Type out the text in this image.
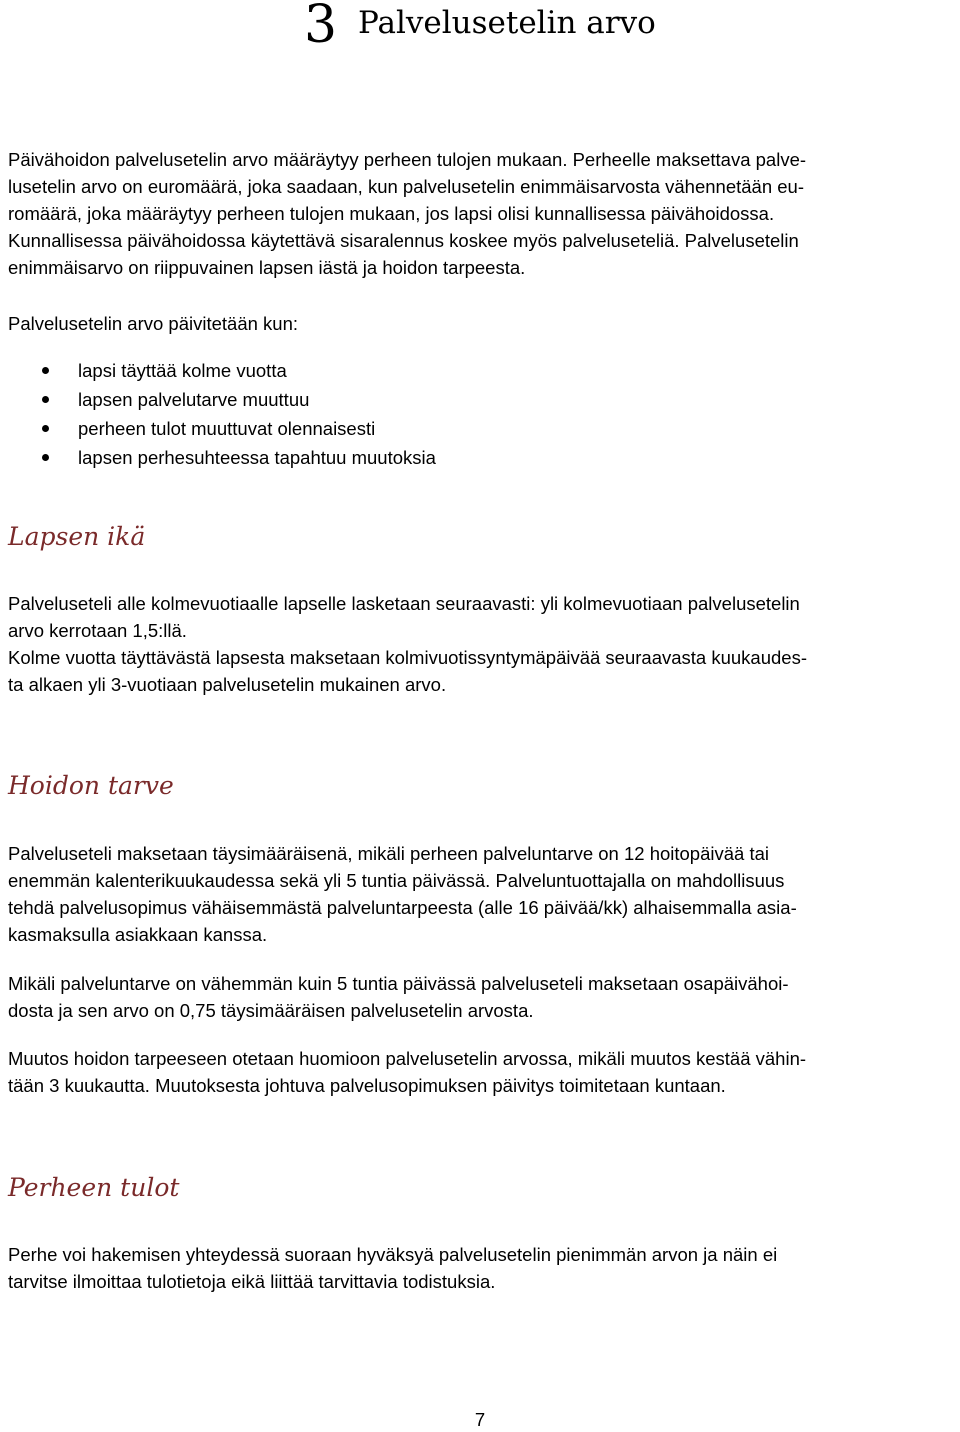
3 Palvelusetelin arvo

Päivähoidon palvelusetelin arvo määräytyy perheen tulojen mukaan. Perheelle maksettava palve-
lusetelin arvo on euromäärä, joka saadaan, kun palvelusetelin enimmäisarvosta vähennetään eu-
romäärä, joka määräytyy perheen tulojen mukaan, jos lapsi olisi kunnallisessa päivähoidossa.
Kunnallisessa päivähoidossa käytettävä sisaralennus koskee myös palveluseteliä. Palvelusetelin
enimmäisarvo on riippuvainen lapsen iästä ja hoidon tarpeesta.

Palvelusetelin arvo päivitetään kun:

lapsi täyttää kolme vuotta
lapsen palvelutarve muuttuu
perheen tulot muuttuvat olennaisesti
lapsen perhesuhteessa tapahtuu muutoksia
Lapsen ikä

Palveluseteli alle kolmevuotiaalle lapselle lasketaan seuraavasti: yli kolmevuotiaan palvelusetelin
arvo kerrotaan 1,5:llä.
Kolme vuotta täyttävästä lapsesta maksetaan kolmivuotissyntymäpäivää seuraavasta kuukaudes-
ta alkaen yli 3-vuotiaan palvelusetelin mukainen arvo.

Hoidon tarve

Palveluseteli maksetaan täysimääräisenä, mikäli perheen palveluntarve on 12 hoitopäivää tai
enemmän kalenterikuukaudessa sekä yli 5 tuntia päivässä. Palveluntuottajalla on mahdollisuus
tehdä palvelusopimus vähäisemmästä palveluntarpeesta (alle 16 päivää/kk) alhaisemmalla asia-
kasmaksulla asiakkaan kanssa.

Mikäli palveluntarve on vähemmän kuin 5 tuntia päivässä palveluseteli maksetaan osapäivähoi-
dosta ja sen arvo on 0,75 täysimääräisen palvelusetelin arvosta.

Muutos hoidon tarpeeseen otetaan huomioon palvelusetelin arvossa, mikäli muutos kestää vähin-
tään 3 kuukautta. Muutoksesta johtuva palvelusopimuksen päivitys toimitetaan kuntaan.

Perheen tulot

Perhe voi hakemisen yhteydessä suoraan hyväksyä palvelusetelin pienimmän arvon ja näin ei
tarvitse ilmoittaa tulotietoja eikä liittää tarvittavia todistuksia.

7
